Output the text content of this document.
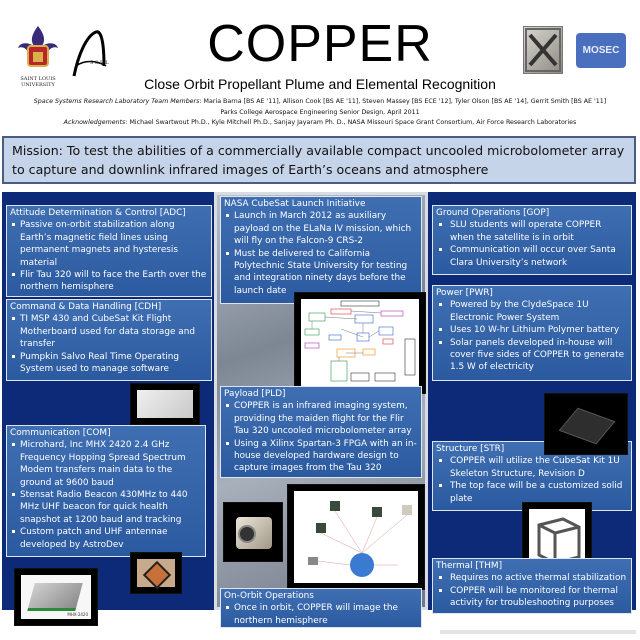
SAINT LOUIS
UNIVERSITY
S·S·R·L	COPPER
Close Orbit Propellant Plume and Elemental Recognition
Space Systems Research Laboratory Team Members: Maria Barna [BS AE '11], Allison Cook [BS AE '11], Steven Massey [BS ECE '12], Tyler Olson [BS AE '14], Gerrit Smith [BS AE '11]
Parks College Aerospace Engineering Senior Design, April 2011
Acknowledgements: Michael Swartwout Ph.D., Kyle Mitchell Ph.D., Sanjay Jayaram Ph. D., NASA Missouri Space Grant Consortium, Air Force Research Laboratories
MOSEC
Mission: To test the abilities of a commercially available compact uncooled microbolometer array to capture and downlink infrared images of Earth’s oceans and atmosphere
Attitude Determination & Control [ADC]
Passive on-orbit stabilization along Earth’s magnetic field lines using permanent magnets and hysteresis material
Flir Tau 320 will to face the Earth over the northern hemisphere
Command & Data Handling [CDH]
TI MSP 430 and CubeSat Kit Flight Motherboard used for data storage and transfer
Pumpkin Salvo Real Time Operating System used to manage software
Communication [COM]
Microhard, Inc MHX 2420 2.4 GHz Frequency Hopping Spread Spectrum Modem transfers main data to the ground at 9600 baud
Stensat Radio Beacon 430MHz to 440 MHz UHF beacon for quick health snapshot at 1200 baud and tracking
Custom patch and UHF antennae developed by AstroDev
MHX-2420
NASA CubeSat Launch Initiative
Launch in March 2012 as auxiliary payload on the ELaNa IV mission, which will fly on the Falcon-9 CRS-2
Must be delivered to California Polytechnic State University for testing and integration ninety days before the launch date
Payload [PLD]
COPPER is an infrared imaging system, providing the maiden flight for the Flir Tau 320 uncooled microbolometer array
Using a Xilinx Spartan-3 FPGA with an in-house developed hardware design to capture images from the Tau 320
On-Orbit Operations
Once in orbit, COPPER will image the northern hemisphere
Ground Operations [GOP]
SLU students will operate COPPER when the satellite is in orbit
Communication will occur over Santa Clara University’s network
Power [PWR]
Powered by the ClydeSpace 1U Electronic Power System
Uses 10 W-hr Lithium Polymer battery
Solar panels developed in-house will cover five sides of COPPER to generate 1.5 W of electricity
Structure [STR]
COPPER will utilize the CubeSat Kit 1U Skeleton Structure, Revision D
The top face will be a customized solid plate
Thermal [THM]
Requires no active thermal stabilization
COPPER will be monitored for thermal activity for troubleshooting purposes
